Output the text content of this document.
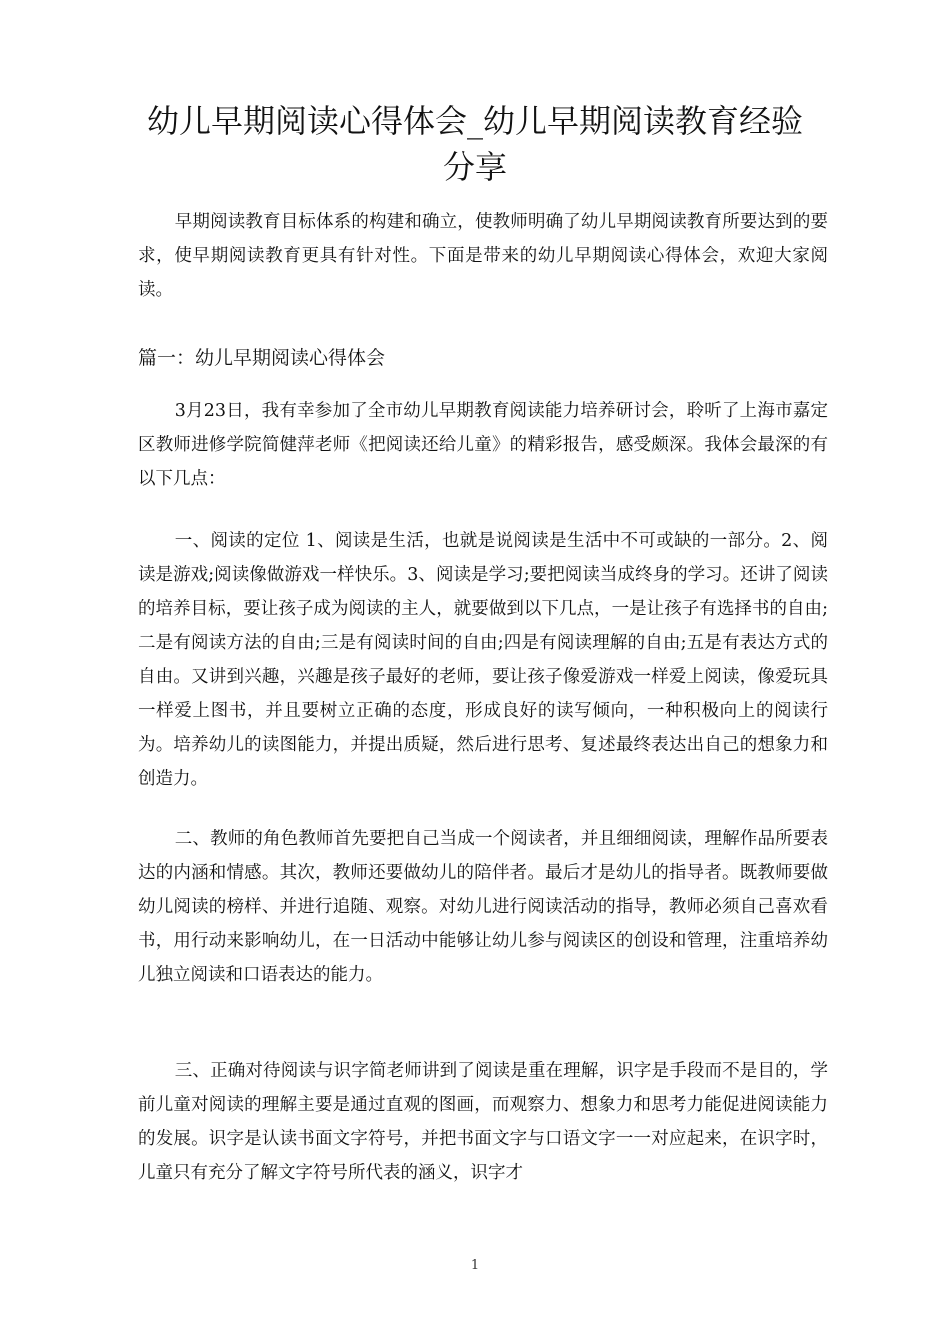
幼儿早期阅读心得体会_幼儿早期阅读教育经验
分享

早期阅读教育目标体系的构建和确立，使教师明确了幼儿早期阅读教育所要达到的要求，使早期阅读教育更具有针对性。下面是带来的幼儿早期阅读心得体会，欢迎大家阅读。

篇一：幼儿早期阅读心得体会

3月23日，我有幸参加了全市幼儿早期教育阅读能力培养研讨会，聆听了上海市嘉定区教师进修学院简健萍老师《把阅读还给儿童》的精彩报告，感受颇深。我体会最深的有以下几点：

一、阅读的定位 1、阅读是生活，也就是说阅读是生活中不可或缺的一部分。2、阅读是游戏;阅读像做游戏一样快乐。3、阅读是学习;要把阅读当成终身的学习。还讲了阅读的培养目标，要让孩子成为阅读的主人，就要做到以下几点，一是让孩子有选择书的自由;二是有阅读方法的自由;三是有阅读时间的自由;四是有阅读理解的自由;五是有表达方式的自由。又讲到兴趣，兴趣是孩子最好的老师，要让孩子像爱游戏一样爱上阅读，像爱玩具一样爱上图书，并且要树立正确的态度，形成良好的读写倾向，一种积极向上的阅读行为。培养幼儿的读图能力，并提出质疑，然后进行思考、复述最终表达出自己的想象力和创造力。

二、教师的角色教师首先要把自己当成一个阅读者，并且细细阅读，理解作品所要表达的内涵和情感。其次，教师还要做幼儿的陪伴者。最后才是幼儿的指导者。既教师要做幼儿阅读的榜样、并进行追随、观察。对幼儿进行阅读活动的指导，教师必须自己喜欢看书，用行动来影响幼儿，在一日活动中能够让幼儿参与阅读区的创设和管理，注重培养幼儿独立阅读和口语表达的能力。

三、正确对待阅读与识字简老师讲到了阅读是重在理解，识字是手段而不是目的，学前儿童对阅读的理解主要是通过直观的图画，而观察力、想象力和思考力能促进阅读能力的发展。识字是认读书面文字符号，并把书面文字与口语文字一一对应起来，在识字时，儿童只有充分了解文字符号所代表的涵义，识字才

1
